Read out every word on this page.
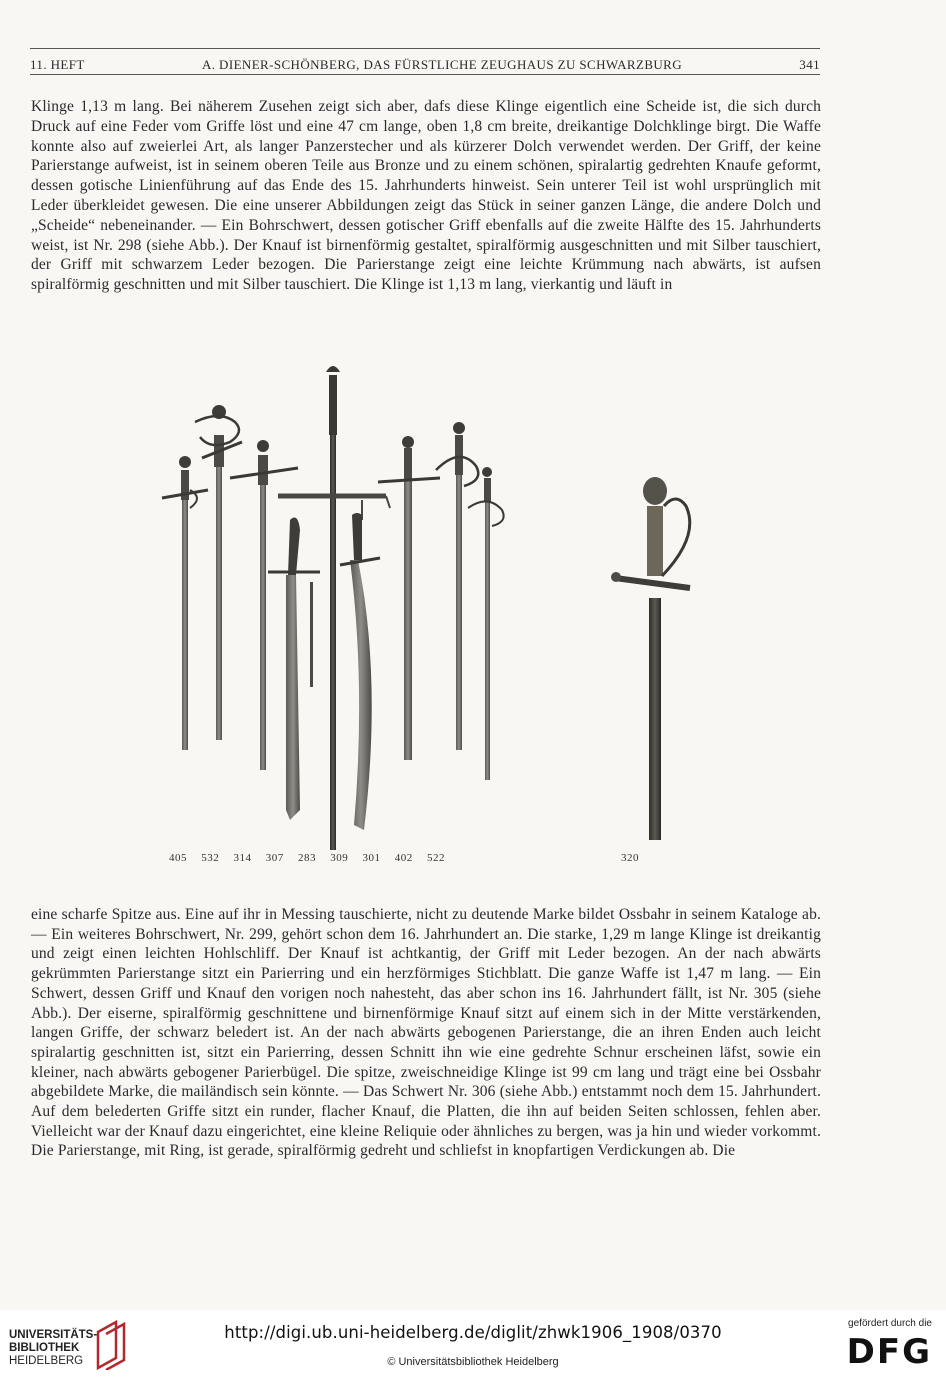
11. HEFT	A. DIENER-SCHÖNBERG, DAS FÜRSTLICHE ZEUGHAUS ZU SCHWARZBURG	341

Klinge 1,13 m lang. Bei näherem Zusehen zeigt sich aber, dafs diese Klinge eigentlich eine Scheide ist, die sich durch Druck auf eine Feder vom Griffe löst und eine 47 cm lange, oben 1,8 cm breite, dreikantige Dolchklinge birgt. Die Waffe konnte also auf zweierlei Art, als langer Panzerstecher und als kürzerer Dolch verwendet werden. Der Griff, der keine Parierstange aufweist, ist in seinem oberen Teile aus Bronze und zu einem schönen, spiralartig gedrehten Knaufe geformt, dessen gotische Linienführung auf das Ende des 15. Jahrhunderts hinweist. Sein unterer Teil ist wohl ursprünglich mit Leder überkleidet gewesen. Die eine unserer Abbildungen zeigt das Stück in seiner ganzen Länge, die andere Dolch und „Scheide“ nebeneinander. — Ein Bohrschwert, dessen gotischer Griff ebenfalls auf die zweite Hälfte des 15. Jahrhunderts weist, ist Nr. 298 (siehe Abb.). Der Knauf ist birnenförmig gestaltet, spiralförmig ausgeschnitten und mit Silber tauschiert, der Griff mit schwarzem Leder bezogen. Die Parierstange zeigt eine leichte Krümmung nach abwärts, ist aufsen spiralförmig geschnitten und mit Silber tauschiert. Die Klinge ist 1,13 m lang, vierkantig und läuft in

405 532 314 307 283 309 301 402 522	320

eine scharfe Spitze aus. Eine auf ihr in Messing tauschierte, nicht zu deutende Marke bildet Ossbahr in seinem Kataloge ab. — Ein weiteres Bohrschwert, Nr. 299, gehört schon dem 16. Jahrhundert an. Die starke, 1,29 m lange Klinge ist dreikantig und zeigt einen leichten Hohlschliff. Der Knauf ist achtkantig, der Griff mit Leder bezogen. An der nach abwärts gekrümmten Parierstange sitzt ein Parierring und ein herzförmiges Stichblatt. Die ganze Waffe ist 1,47 m lang. — Ein Schwert, dessen Griff und Knauf den vorigen noch nahesteht, das aber schon ins 16. Jahrhundert fällt, ist Nr. 305 (siehe Abb.). Der eiserne, spiralförmig geschnittene und birnenförmige Knauf sitzt auf einem sich in der Mitte verstärkenden, langen Griffe, der schwarz beledert ist. An der nach abwärts gebogenen Parierstange, die an ihren Enden auch leicht spiralartig geschnitten ist, sitzt ein Parierring, dessen Schnitt ihn wie eine gedrehte Schnur erscheinen läfst, sowie ein kleiner, nach abwärts gebogener Parierbügel. Die spitze, zweischneidige Klinge ist 99 cm lang und trägt eine bei Ossbahr abgebildete Marke, die mailändisch sein könnte. — Das Schwert Nr. 306 (siehe Abb.) entstammt noch dem 15. Jahrhundert. Auf dem belederten Griffe sitzt ein runder, flacher Knauf, die Platten, die ihn auf beiden Seiten schlossen, fehlen aber. Vielleicht war der Knauf dazu eingerichtet, eine kleine Reliquie oder ähnliches zu bergen, was ja hin und wieder vorkommt. Die Parierstange, mit Ring, ist gerade, spiralförmig gedreht und schliefst in knopfartigen Verdickungen ab. Die

UNIVERSITÄTS-
BIBLIOTHEK
HEIDELBERG
http://digi.ub.uni-heidelberg.de/diglit/zhwk1906_1908/0370
© Universitätsbibliothek Heidelberg
gefördert durch die
DFG
